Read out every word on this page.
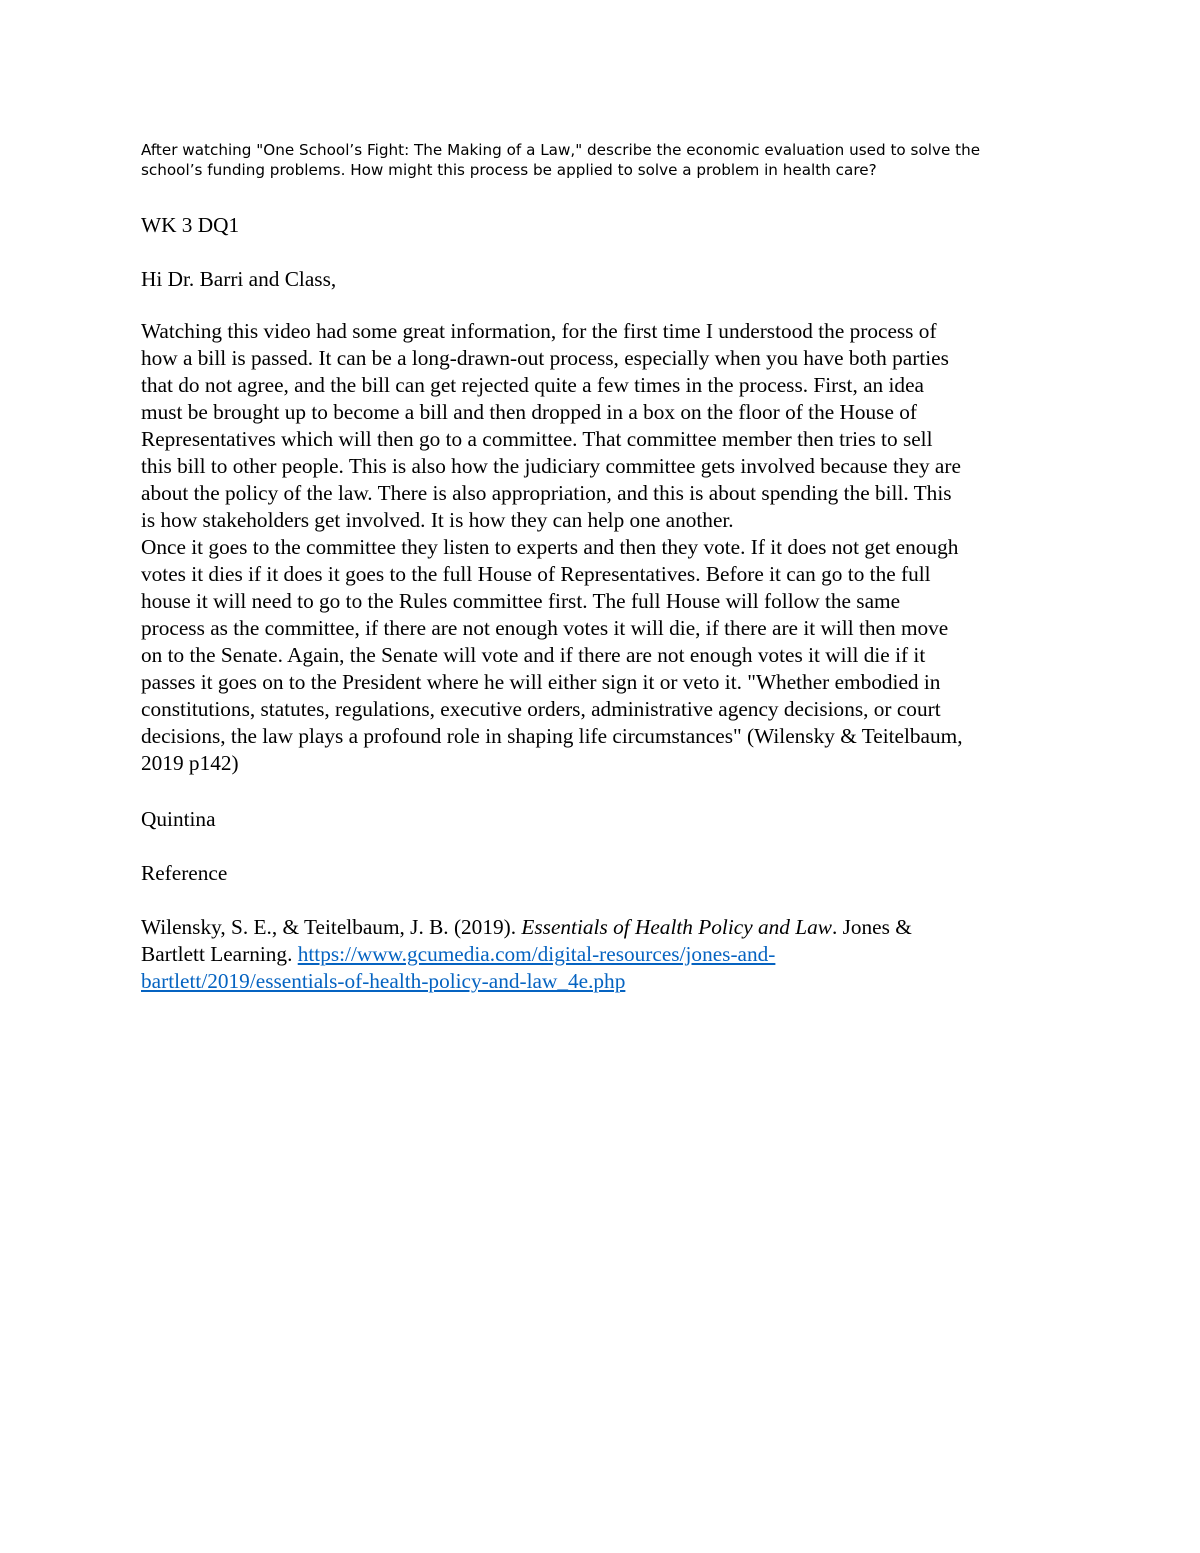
After watching "One School’s Fight: The Making of a Law," describe the economic evaluation used to solve the
school’s funding problems. How might this process be applied to solve a problem in health care?
WK 3 DQ1
Hi Dr. Barri and Class,
Watching this video had some great information, for the first time I understood the process of
how a bill is passed. It can be a long-drawn-out process, especially when you have both parties
that do not agree, and the bill can get rejected quite a few times in the process. First, an idea
must be brought up to become a bill and then dropped in a box on the floor of the House of
Representatives which will then go to a committee. That committee member then tries to sell
this bill to other people. This is also how the judiciary committee gets involved because they are
about the policy of the law. There is also appropriation, and this is about spending the bill. This
is how stakeholders get involved. It is how they can help one another.
Once it goes to the committee they listen to experts and then they vote. If it does not get enough
votes it dies if it does it goes to the full House of Representatives. Before it can go to the full
house it will need to go to the Rules committee first. The full House will follow the same
process as the committee, if there are not enough votes it will die, if there are it will then move
on to the Senate. Again, the Senate will vote and if there are not enough votes it will die if it
passes it goes on to the President where he will either sign it or veto it. "Whether embodied in
constitutions, statutes, regulations, executive orders, administrative agency decisions, or court
decisions, the law plays a profound role in shaping life circumstances" (Wilensky & Teitelbaum,
2019 p142)
Quintina
Reference
Wilensky, S. E., & Teitelbaum, J. B. (2019). Essentials of Health Policy and Law. Jones &
Bartlett Learning. https://www.gcumedia.com/digital-resources/jones-and-
bartlett/2019/essentials-of-health-policy-and-law_4e.php
